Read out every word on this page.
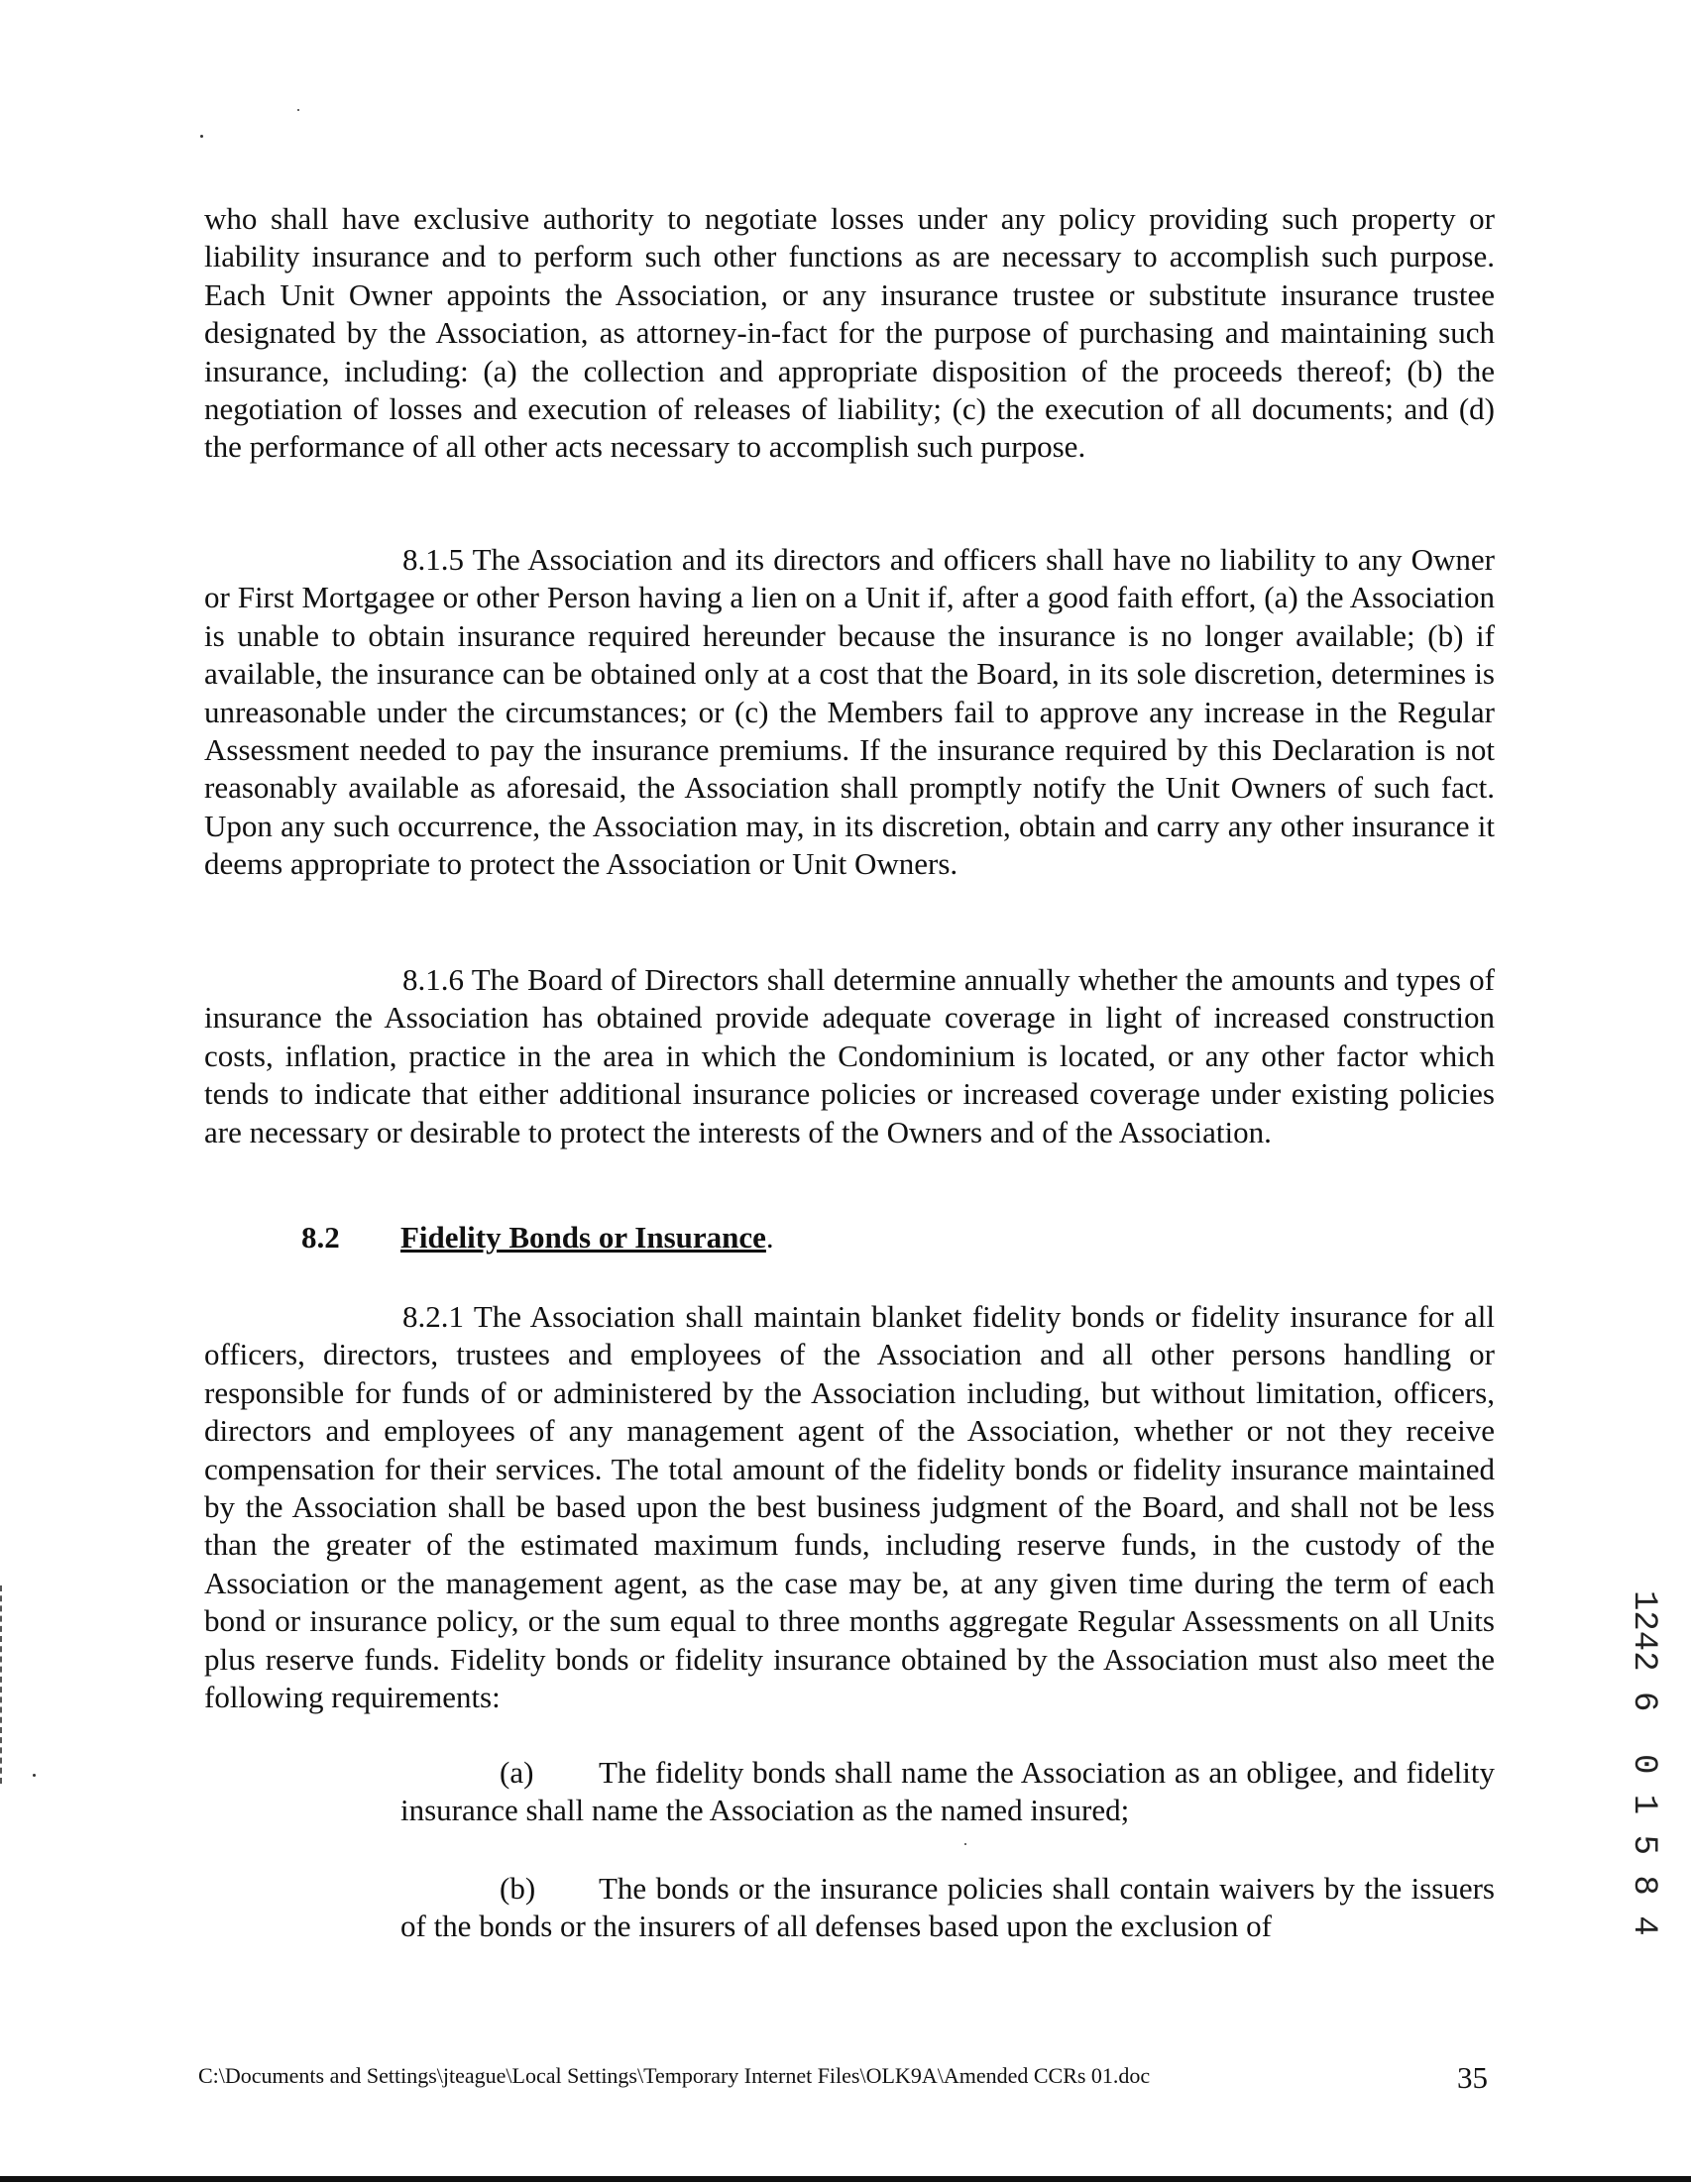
who shall have exclusive authority to negotiate losses under any policy providing such property or liability insurance and to perform such other functions as are necessary to accomplish such purpose. Each Unit Owner appoints the Association, or any insurance trustee or substitute insurance trustee designated by the Association, as attorney-in-fact for the purpose of purchasing and maintaining such insurance, including: (a) the collection and appropriate disposition of the proceeds thereof; (b) the negotiation of losses and execution of releases of liability; (c) the execution of all documents; and (d) the performance of all other acts necessary to accomplish such purpose.

8.1.5 The Association and its directors and officers shall have no liability to any Owner or First Mortgagee or other Person having a lien on a Unit if, after a good faith effort, (a) the Association is unable to obtain insurance required hereunder because the insurance is no longer available; (b) if available, the insurance can be obtained only at a cost that the Board, in its sole discretion, determines is unreasonable under the circumstances; or (c) the Members fail to approve any increase in the Regular Assessment needed to pay the insurance premiums. If the insurance required by this Declaration is not reasonably available as aforesaid, the Association shall promptly notify the Unit Owners of such fact. Upon any such occurrence, the Association may, in its discretion, obtain and carry any other insurance it deems appropriate to protect the Association or Unit Owners.

8.1.6 The Board of Directors shall determine annually whether the amounts and types of insurance the Association has obtained provide adequate coverage in light of increased construction costs, inflation, practice in the area in which the Condominium is located, or any other factor which tends to indicate that either additional insurance policies or increased coverage under existing policies are necessary or desirable to protect the interests of the Owners and of the Association.

8.2 Fidelity Bonds or Insurance.

8.2.1 The Association shall maintain blanket fidelity bonds or fidelity insurance for all officers, directors, trustees and employees of the Association and all other persons handling or responsible for funds of or administered by the Association including, but without limitation, officers, directors and employees of any management agent of the Association, whether or not they receive compensation for their services. The total amount of the fidelity bonds or fidelity insurance maintained by the Association shall be based upon the best business judgment of the Board, and shall not be less than the greater of the estimated maximum funds, including reserve funds, in the custody of the Association or the management agent, as the case may be, at any given time during the term of each bond or insurance policy, or the sum equal to three months aggregate Regular Assessments on all Units plus reserve funds. Fidelity bonds or fidelity insurance obtained by the Association must also meet the following requirements:

(a) The fidelity bonds shall name the Association as an obligee, and fidelity insurance shall name the Association as the named insured;

(b) The bonds or the insurance policies shall contain waivers by the issuers of the bonds or the insurers of all defenses based upon the exclusion of

1242 6
0 1 5 8 4
C:\Documents and Settings\jteague\Local Settings\Temporary Internet Files\OLK9A\Amended CCRs 01.doc	35
